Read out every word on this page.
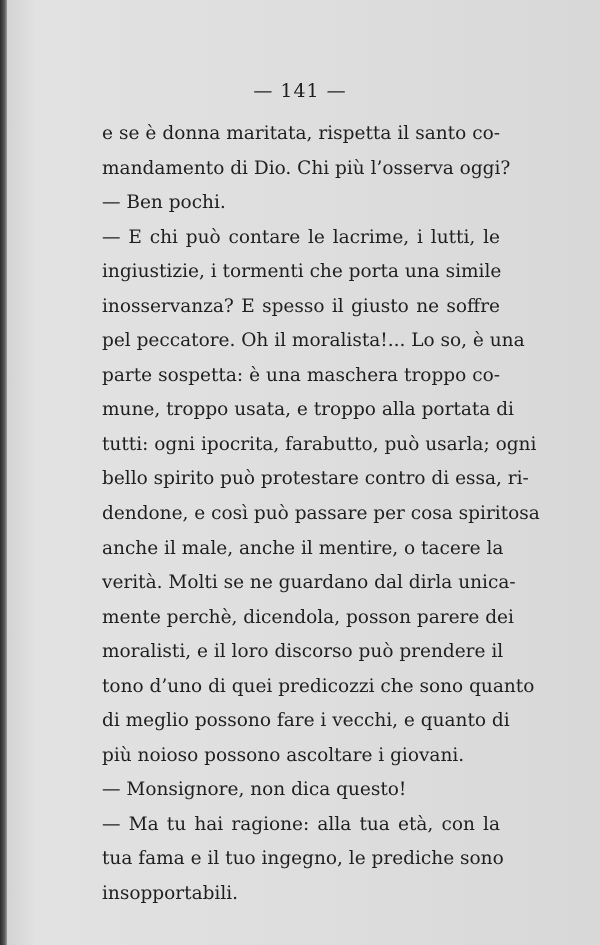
— 141 —
e se è donna maritata, rispetta il santo co-
mandamento di Dio. Chi più l’osserva oggi?
— Ben pochi.
— E chi può contare le lacrime, i lutti, le
ingiustizie, i tormenti che porta una simile
inosservanza? E spesso il giusto ne soffre
pel peccatore. Oh il moralista!... Lo so, è una
parte sospetta: è una maschera troppo co-
mune, troppo usata, e troppo alla portata di
tutti: ogni ipocrita, farabutto, può usarla; ogni
bello spirito può protestare contro di essa, ri-
dendone, e così può passare per cosa spiritosa
anche il male, anche il mentire, o tacere la
verità. Molti se ne guardano dal dirla unica-
mente perchè, dicendola, posson parere dei
moralisti, e il loro discorso può prendere il
tono d’uno di quei predicozzi che sono quanto
di meglio possono fare i vecchi, e quanto di
più noioso possono ascoltare i giovani.
— Monsignore, non dica questo!
— Ma tu hai ragione: alla tua età, con la
tua fama e il tuo ingegno, le prediche sono
insopportabili.
